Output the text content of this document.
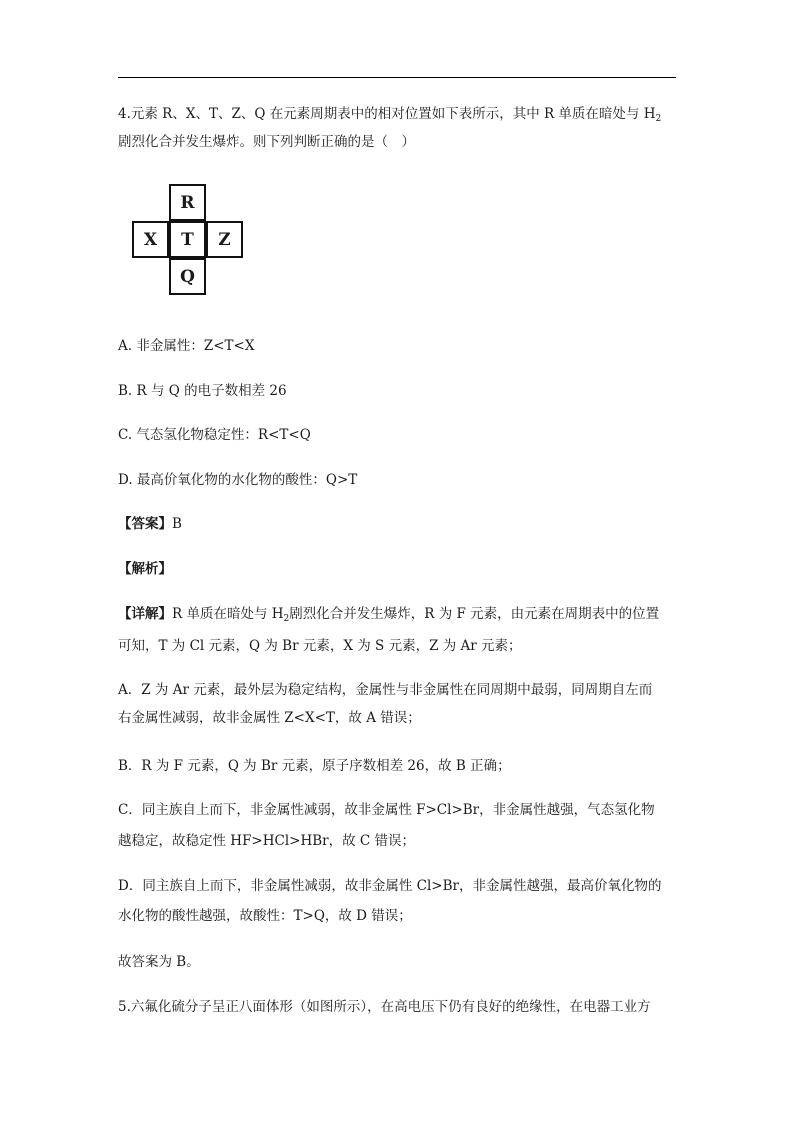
4.元素 R、X、T、Z、Q 在元素周期表中的相对位置如下表所示，其中 R 单质在暗处与 $H_2$
剧烈化合并发生爆炸。则下列判断正确的是（　）
R
X	T	Z
Q
A. 非金属性：Z<T<X
B. R 与 Q 的电子数相差 26
C. 气态氢化物稳定性：R<T<Q
D. 最高价氧化物的水化物的酸性：Q>T
【答案】B
【解析】
【详解】R 单质在暗处与 $H_2$剧烈化合并发生爆炸，R 为 F 元素，由元素在周期表中的位置
可知，T 为 Cl 元素，Q 为 Br 元素，X 为 S 元素，Z 为 Ar 元素；
A．Z 为 Ar 元素，最外层为稳定结构，金属性与非金属性在同周期中最弱，同周期自左而
右金属性减弱，故非金属性 Z<X<T，故 A 错误；
B．R 为 F 元素，Q 为 Br 元素，原子序数相差 26，故 B 正确；
C．同主族自上而下，非金属性减弱，故非金属性 F>Cl>Br，非金属性越强，气态氢化物
越稳定，故稳定性 HF>HCl>HBr，故 C 错误；
D．同主族自上而下，非金属性减弱，故非金属性 Cl>Br，非金属性越强，最高价氧化物的
水化物的酸性越强，故酸性：T>Q，故 D 错误；
故答案为 B。
5.六氟化硫分子呈正八面体形（如图所示），在高电压下仍有良好的绝缘性，在电器工业方
